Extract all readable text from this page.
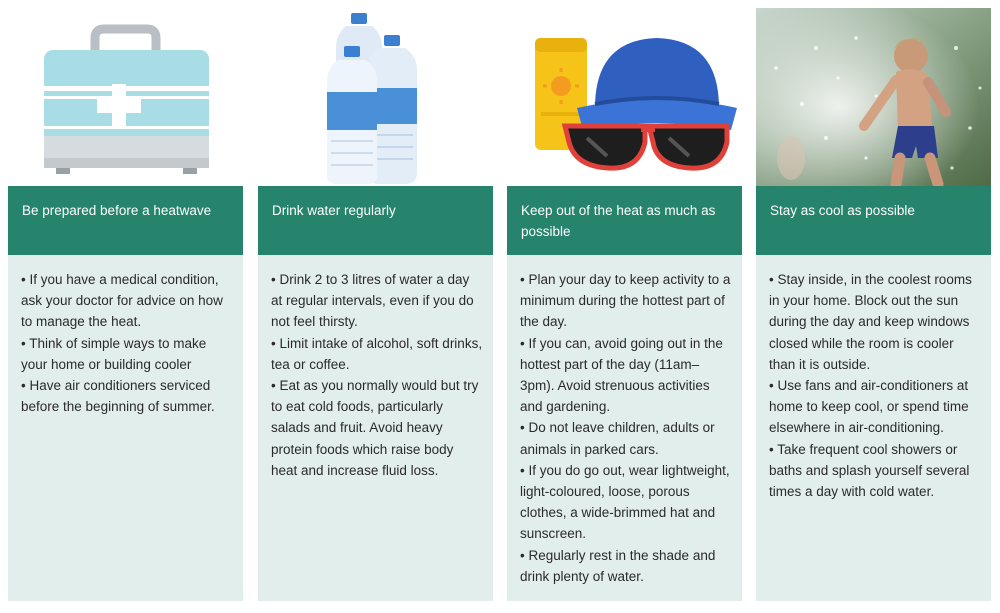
Be prepared before a heatwave

• If you have a medical condition, ask your doctor for advice on how to manage the heat.

• Think of simple ways to make your home or building cooler

• Have air conditioners serviced before the beginning of summer.

Drink water regularly

• Drink 2 to 3 litres of water a day at regular intervals, even if you do not feel thirsty.

• Limit intake of alcohol, soft drinks, tea or coffee.

• Eat as you normally would but try to eat cold foods, particularly salads and fruit. Avoid heavy protein foods which raise body heat and increase fluid loss.

Keep out of the heat as much as possible

• Plan your day to keep activity to a minimum during the hottest part of the day.

• If you can, avoid going out in the hottest part of the day (11am–3pm). Avoid strenuous activities and gardening.

• Do not leave children, adults or animals in parked cars.

• If you do go out, wear lightweight, light-coloured, loose, porous clothes, a wide-brimmed hat and sunscreen.

• Regularly rest in the shade and drink plenty of water.

Stay as cool as possible

• Stay inside, in the coolest rooms in your home. Block out the sun during the day and keep windows closed while the room is cooler than it is outside.

• Use fans and air-conditioners at home to keep cool, or spend time elsewhere in air-conditioning.

• Take frequent cool showers or baths and splash yourself several times a day with cold water.
